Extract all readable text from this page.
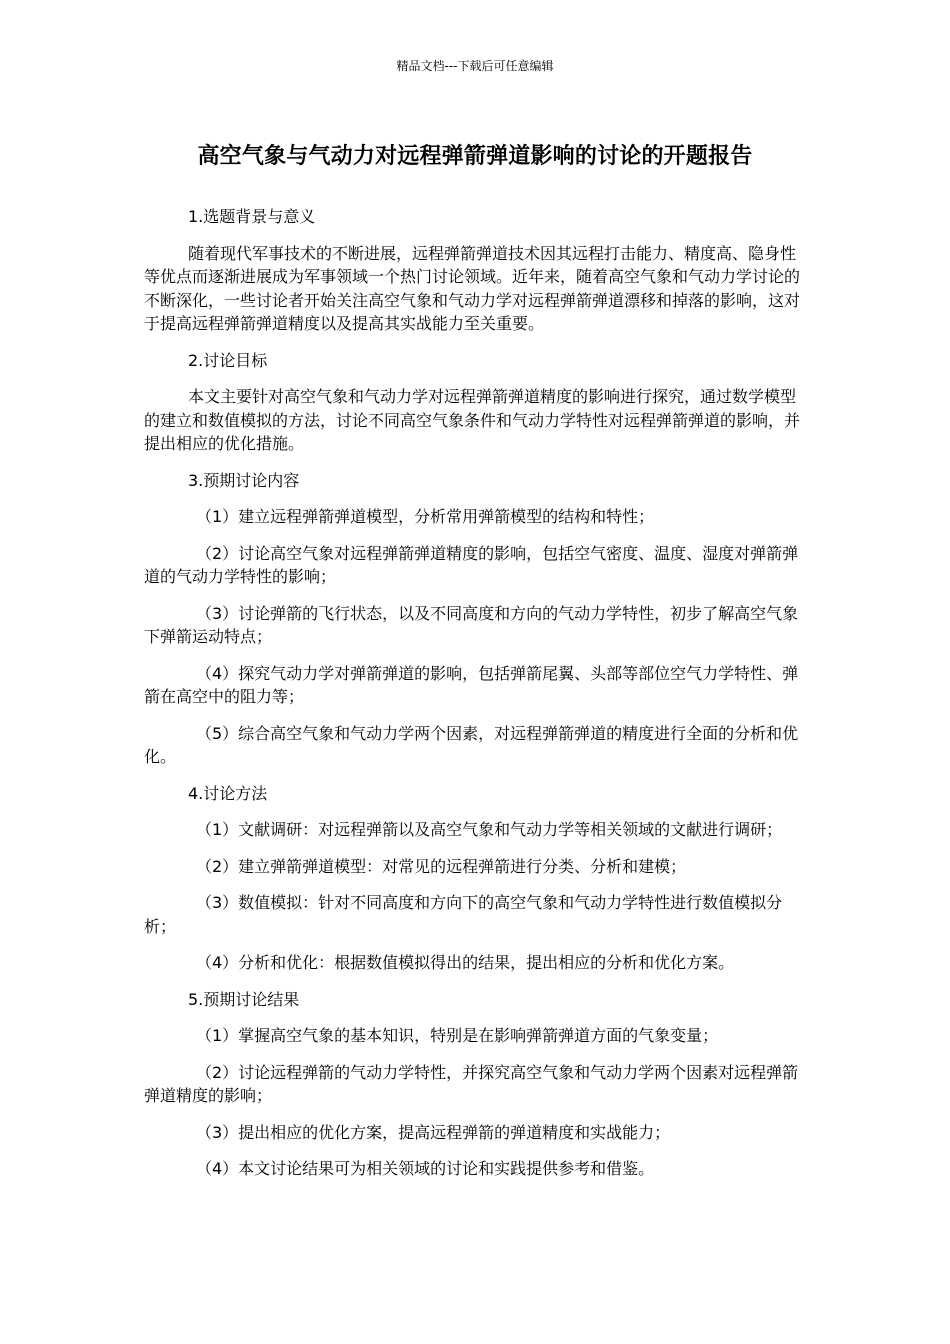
精品文档---下载后可任意编辑
高空气象与气动力对远程弹箭弹道影响的讨论的开题报告
1.选题背景与意义
随着现代军事技术的不断进展，远程弹箭弹道技术因其远程打击能力、精度高、隐身性等优点而逐渐进展成为军事领域一个热门讨论领域。近年来，随着高空气象和气动力学讨论的不断深化，一些讨论者开始关注高空气象和气动力学对远程弹箭弹道漂移和掉落的影响，这对于提高远程弹箭弹道精度以及提高其实战能力至关重要。
2.讨论目标
本文主要针对高空气象和气动力学对远程弹箭弹道精度的影响进行探究，通过数学模型的建立和数值模拟的方法，讨论不同高空气象条件和气动力学特性对远程弹箭弹道的影响，并提出相应的优化措施。
3.预期讨论内容
（1）建立远程弹箭弹道模型，分析常用弹箭模型的结构和特性；
（2）讨论高空气象对远程弹箭弹道精度的影响，包括空气密度、温度、湿度对弹箭弹道的气动力学特性的影响；
（3）讨论弹箭的飞行状态，以及不同高度和方向的气动力学特性，初步了解高空气象下弹箭运动特点；
（4）探究气动力学对弹箭弹道的影响，包括弹箭尾翼、头部等部位空气力学特性、弹箭在高空中的阻力等；
（5）综合高空气象和气动力学两个因素，对远程弹箭弹道的精度进行全面的分析和优化。
4.讨论方法
（1）文献调研：对远程弹箭以及高空气象和气动力学等相关领域的文献进行调研；
（2）建立弹箭弹道模型：对常见的远程弹箭进行分类、分析和建模；
（3）数值模拟：针对不同高度和方向下的高空气象和气动力学特性进行数值模拟分析；
（4）分析和优化：根据数值模拟得出的结果，提出相应的分析和优化方案。
5.预期讨论结果
（1）掌握高空气象的基本知识，特别是在影响弹箭弹道方面的气象变量；
（2）讨论远程弹箭的气动力学特性，并探究高空气象和气动力学两个因素对远程弹箭弹道精度的影响；
（3）提出相应的优化方案，提高远程弹箭的弹道精度和实战能力；
（4）本文讨论结果可为相关领域的讨论和实践提供参考和借鉴。
